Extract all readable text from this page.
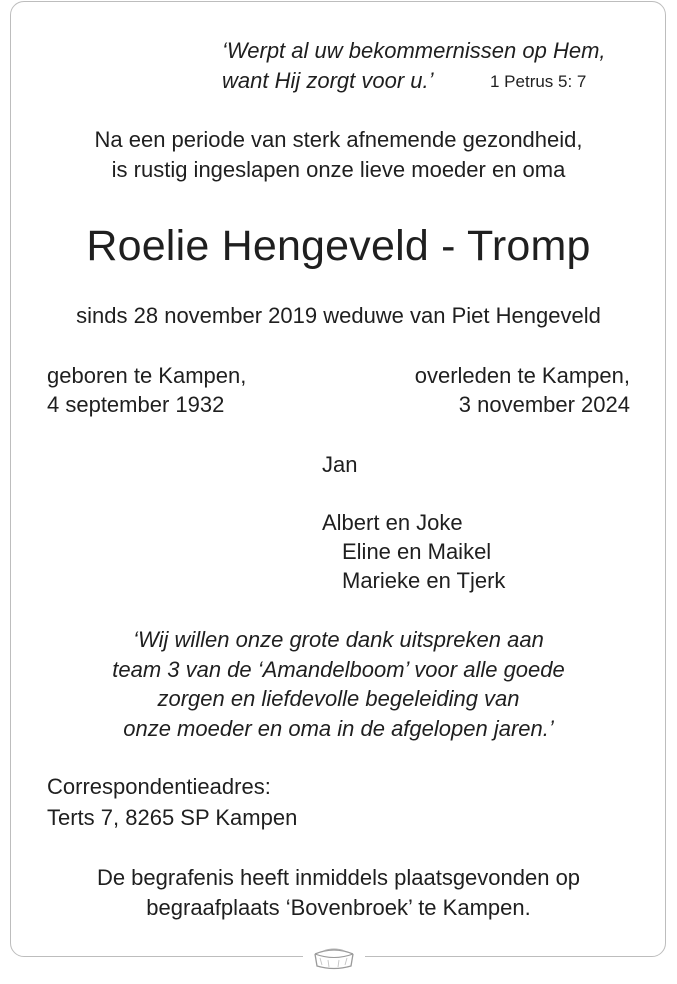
‘Werpt al uw bekommernissen op Hem,
want Hij zorgt voor u.’	1 Petrus 5: 7
Na een periode van sterk afnemende gezondheid,
is rustig ingeslapen onze lieve moeder en oma
Roelie Hengeveld - Tromp
sinds 28 november 2019 weduwe van Piet Hengeveld
geboren te Kampen,
4 september 1932
overleden te Kampen,
3 november 2024
Jan
Albert en Joke
Eline en Maikel
Marieke en Tjerk
‘Wij willen onze grote dank uitspreken aan
team 3 van de ‘Amandelboom’ voor alle goede
zorgen en liefdevolle begeleiding van
onze moeder en oma in de afgelopen jaren.’
Correspondentieadres:
Terts 7, 8265 SP Kampen
De begrafenis heeft inmiddels plaatsgevonden op
begraafplaats ‘Bovenbroek’ te Kampen.
